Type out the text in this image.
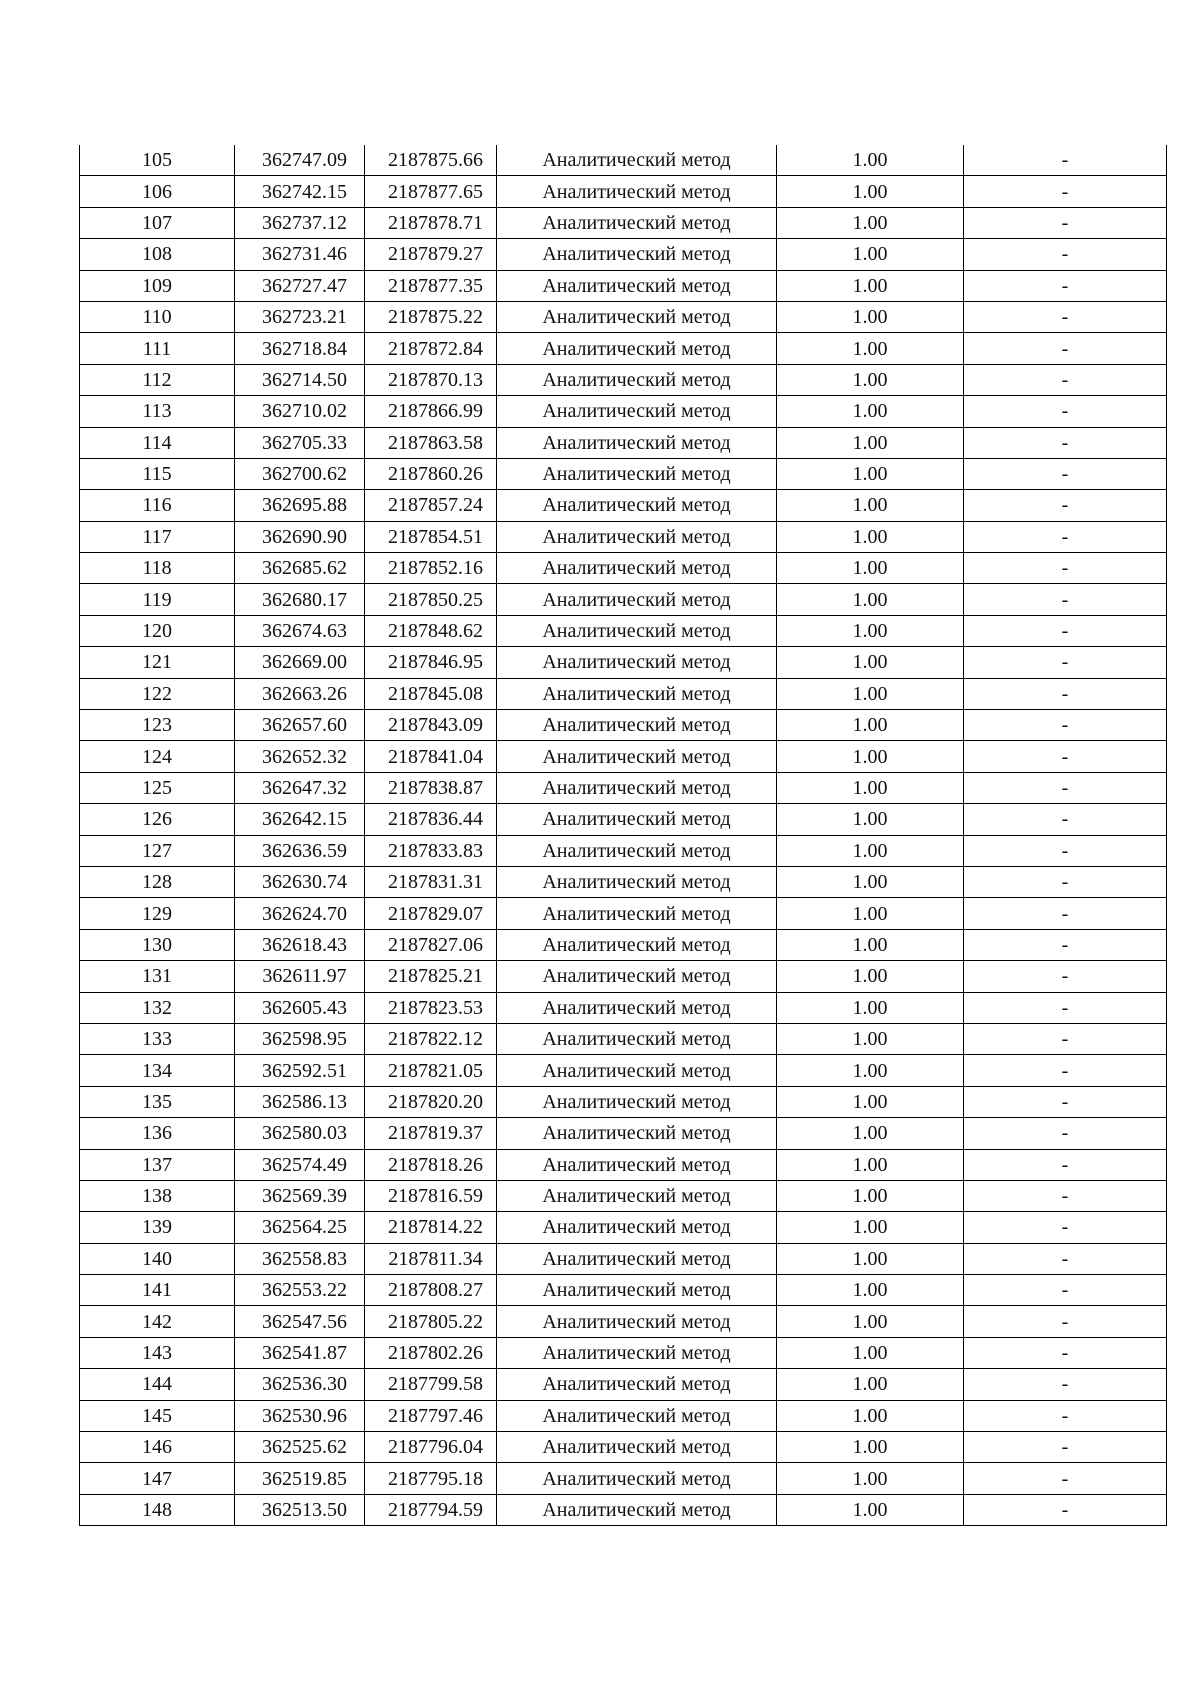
105	362747.09	2187875.66	Аналитический метод	1.00	-
106	362742.15	2187877.65	Аналитический метод	1.00	-
107	362737.12	2187878.71	Аналитический метод	1.00	-
108	362731.46	2187879.27	Аналитический метод	1.00	-
109	362727.47	2187877.35	Аналитический метод	1.00	-
110	362723.21	2187875.22	Аналитический метод	1.00	-
111	362718.84	2187872.84	Аналитический метод	1.00	-
112	362714.50	2187870.13	Аналитический метод	1.00	-
113	362710.02	2187866.99	Аналитический метод	1.00	-
114	362705.33	2187863.58	Аналитический метод	1.00	-
115	362700.62	2187860.26	Аналитический метод	1.00	-
116	362695.88	2187857.24	Аналитический метод	1.00	-
117	362690.90	2187854.51	Аналитический метод	1.00	-
118	362685.62	2187852.16	Аналитический метод	1.00	-
119	362680.17	2187850.25	Аналитический метод	1.00	-
120	362674.63	2187848.62	Аналитический метод	1.00	-
121	362669.00	2187846.95	Аналитический метод	1.00	-
122	362663.26	2187845.08	Аналитический метод	1.00	-
123	362657.60	2187843.09	Аналитический метод	1.00	-
124	362652.32	2187841.04	Аналитический метод	1.00	-
125	362647.32	2187838.87	Аналитический метод	1.00	-
126	362642.15	2187836.44	Аналитический метод	1.00	-
127	362636.59	2187833.83	Аналитический метод	1.00	-
128	362630.74	2187831.31	Аналитический метод	1.00	-
129	362624.70	2187829.07	Аналитический метод	1.00	-
130	362618.43	2187827.06	Аналитический метод	1.00	-
131	362611.97	2187825.21	Аналитический метод	1.00	-
132	362605.43	2187823.53	Аналитический метод	1.00	-
133	362598.95	2187822.12	Аналитический метод	1.00	-
134	362592.51	2187821.05	Аналитический метод	1.00	-
135	362586.13	2187820.20	Аналитический метод	1.00	-
136	362580.03	2187819.37	Аналитический метод	1.00	-
137	362574.49	2187818.26	Аналитический метод	1.00	-
138	362569.39	2187816.59	Аналитический метод	1.00	-
139	362564.25	2187814.22	Аналитический метод	1.00	-
140	362558.83	2187811.34	Аналитический метод	1.00	-
141	362553.22	2187808.27	Аналитический метод	1.00	-
142	362547.56	2187805.22	Аналитический метод	1.00	-
143	362541.87	2187802.26	Аналитический метод	1.00	-
144	362536.30	2187799.58	Аналитический метод	1.00	-
145	362530.96	2187797.46	Аналитический метод	1.00	-
146	362525.62	2187796.04	Аналитический метод	1.00	-
147	362519.85	2187795.18	Аналитический метод	1.00	-
148	362513.50	2187794.59	Аналитический метод	1.00	-
